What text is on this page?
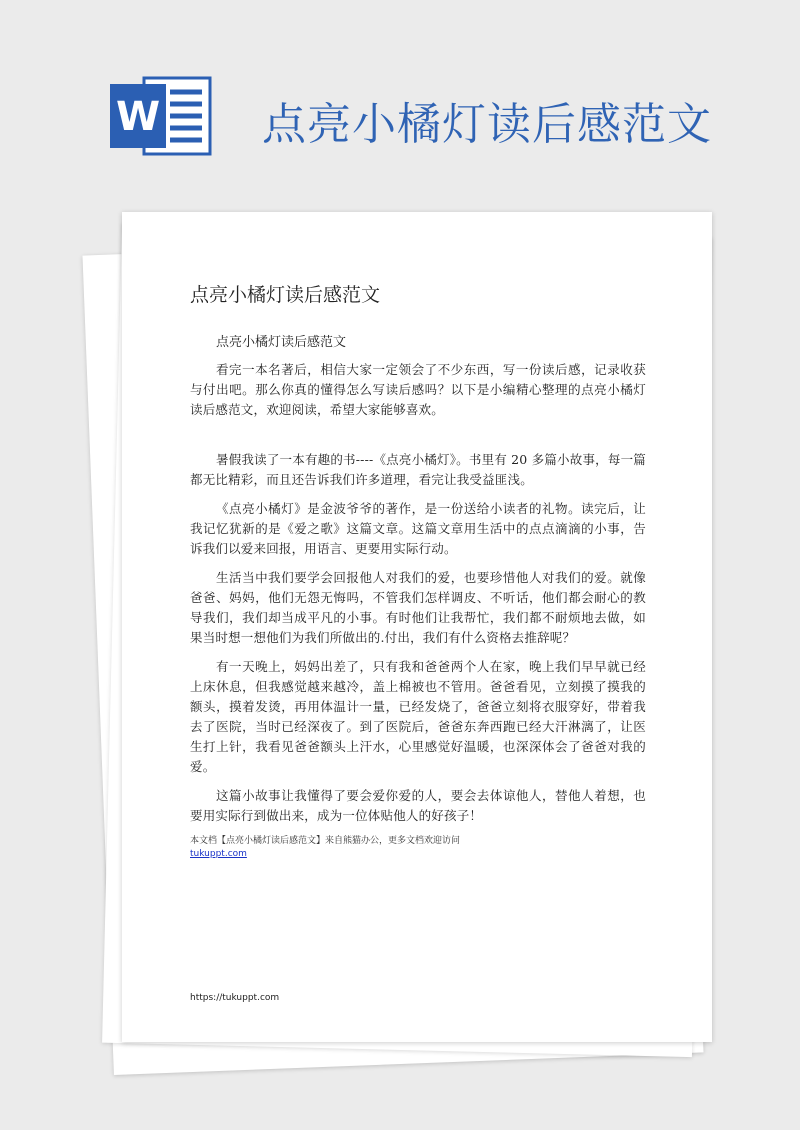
W 点亮小橘灯读后感范文
点亮小橘灯读后感范文
点亮小橘灯读后感范文

看完一本名著后，相信大家一定领会了不少东西，写一份读后感，记录收获与付出吧。那么你真的懂得怎么写读后感吗？以下是小编精心整理的点亮小橘灯读后感范文，欢迎阅读，希望大家能够喜欢。

暑假我读了一本有趣的书----《点亮小橘灯》。书里有 20 多篇小故事，每一篇都无比精彩，而且还告诉我们许多道理，看完让我受益匪浅。

《点亮小橘灯》是金波爷爷的著作，是一份送给小读者的礼物。读完后，让我记忆犹新的是《爱之歌》这篇文章。这篇文章用生活中的点点滴滴的小事，告诉我们以爱来回报，用语言、更要用实际行动。

生活当中我们要学会回报他人对我们的爱，也要珍惜他人对我们的爱。就像爸爸、妈妈，他们无怨无悔吗，不管我们怎样调皮、不听话，他们都会耐心的教导我们，我们却当成平凡的小事。有时他们让我帮忙，我们都不耐烦地去做，如果当时想一想他们为我们所做出的.付出，我们有什么资格去推辞呢？

有一天晚上，妈妈出差了，只有我和爸爸两个人在家，晚上我们早早就已经上床休息，但我感觉越来越冷，盖上棉被也不管用。爸爸看见，立刻摸了摸我的额头，摸着发烫，再用体温计一量，已经发烧了，爸爸立刻将衣服穿好，带着我去了医院，当时已经深夜了。到了医院后，爸爸东奔西跑已经大汗淋漓了，让医生打上针，我看见爸爸额头上汗水，心里感觉好温暖，也深深体会了爸爸对我的爱。

这篇小故事让我懂得了要会爱你爱的人，要会去体谅他人，替他人着想，也要用实际行到做出来，成为一位体贴他人的好孩子！

本文档【点亮小橘灯读后感范文】来自熊猫办公，更多文档欢迎访问
tukuppt.com
https://tukuppt.com
